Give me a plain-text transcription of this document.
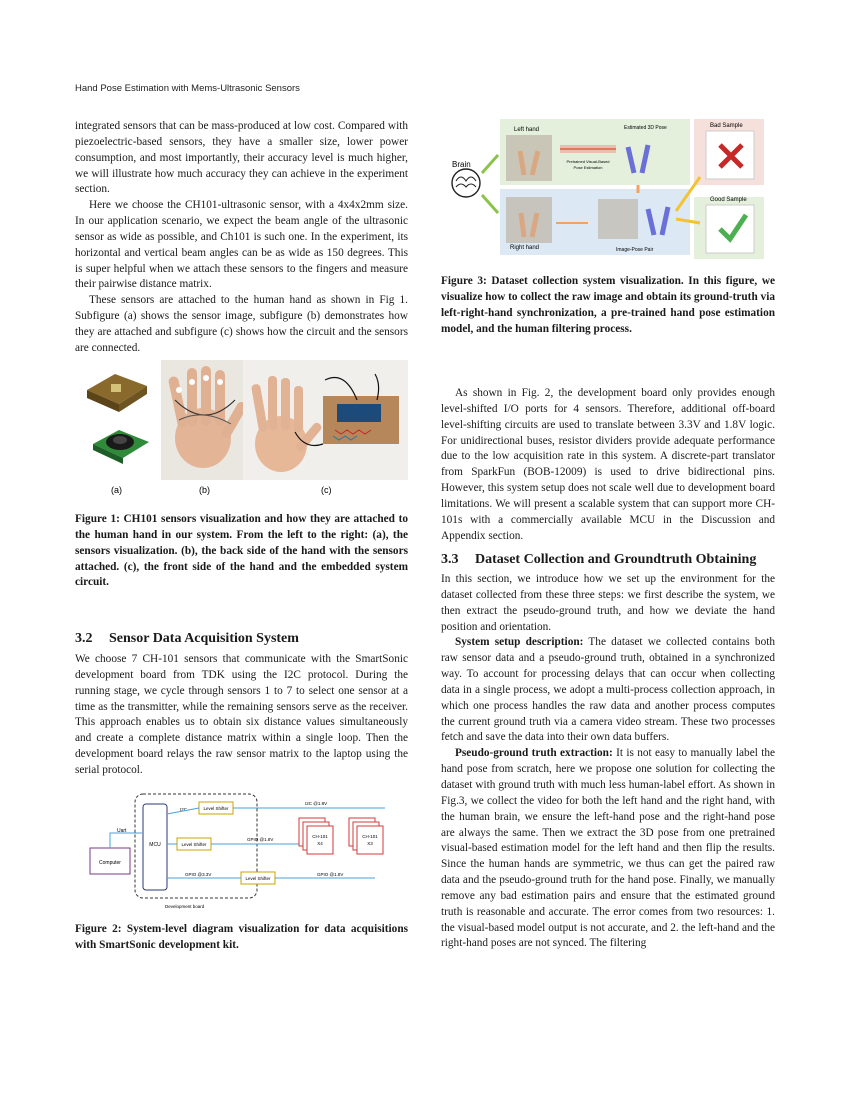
Hand Pose Estimation with Mems-Ultrasonic Sensors

integrated sensors that can be mass-produced at low cost. Compared with piezoelectric-based sensors, they have a smaller size, lower power consumption, and most importantly, their accuracy level is much higher, we will illustrate how much accuracy they can achieve in the experiment section.

Here we choose the CH101-ultrasonic sensor, with a 4x4x2mm size. In our application scenario, we expect the beam angle of the ultrasonic sensor as wide as possible, and Ch101 is such one. In the experiment, its horizontal and vertical beam angles can be as wide as 150 degrees. This is super helpful when we attach these sensors to the fingers and measure their pairwise distance matrix.

These sensors are attached to the human hand as shown in Fig 1. Subfigure (a) shows the sensor image, subfigure (b) demonstrates how they are attached and subfigure (c) shows how the circuit and the sensors are connected.

(a)	(b)	(c)
Figure 1: CH101 sensors visualization and how they are attached to the human hand in our system. From the left to the right: (a), the sensors visualization. (b), the back side of the hand with the sensors attached. (c), the front side of the hand and the embedded system circuit.

3.2 Sensor Data Acquisition System

We choose 7 CH-101 sensors that communicate with the SmartSonic development board from TDK using the I2C protocol. During the running stage, we cycle through sensors 1 to 7 to select one sensor at a time as the transmitter, while the remaining sensors serve as the receiver. This approach enables us to obtain six distance values simultaneously and create a complete distance matrix within a single loop. Then the development board relays the raw sensor matrix to the laptop using the serial protocol.

Computer
Uart
MCU
I2C	Level Shifter
Level Shifter
Level Shifter
I2C @1.8V
GPIO @1.8V
GPIO @3.3V	GPIO @1.8V
CH-101
X4
CH-101
X3
Development board
Figure 2: System-level diagram visualization for data acquisitions with SmartSonic development kit.
Brain
Left hand
Pretrained Visual-Based
Pose Estimation
Estimated 3D Pose
Right hand	Image-Pose Pair
Bad Sample
Good Sample
Figure 3: Dataset collection system visualization. In this figure, we visualize how to collect the raw image and obtain its ground-truth via left-right-hand synchronization, a pre-trained hand pose estimation model, and the human filtering process.

As shown in Fig. 2, the development board only provides enough level-shifted I/O ports for 4 sensors. Therefore, additional off-board level-shifting circuits are used to translate between 3.3V and 1.8V logic. For unidirectional buses, resistor dividers provide adequate performance due to the low acquisition rate in this system. A discrete-part translator from SparkFun (BOB-12009) is used to drive bidirectional pins. However, this system setup does not scale well due to development board limitations. We will present a scalable system that can support more CH-101s with a commercially available MCU in the Discussion and Appendix section.

3.3	Dataset Collection and Groundtruth Obtaining

In this section, we introduce how we set up the environment for the dataset collected from these three steps: we first describe the system, we then extract the pseudo-ground truth, and how we deviate the hand position and orientation.

System setup description: The dataset we collected contains both raw sensor data and a pseudo-ground truth, obtained in a synchronized way. To account for processing delays that can occur when collecting data in a single process, we adopt a multi-process collection approach, in which one process handles the raw data and another process computes the current ground truth via a camera video stream. These two processes fetch and save the data into their own data buffers.

Pseudo-ground truth extraction: It is not easy to manually label the hand pose from scratch, here we propose one solution for collecting the dataset with ground truth with much less human-label effort. As shown in Fig.3, we collect the video for both the left hand and the right hand, with the human brain, we ensure the left-hand pose and the right-hand pose are always the same. Then we extract the 3D pose from one pretrained visual-based estimation model for the left hand and then flip the results. Since the human hands are symmetric, we thus can get the paired raw data and the pseudo-ground truth for the hand pose. Finally, we manually remove any bad estimation pairs and ensure that the estimated ground truth is reasonable and accurate. The error comes from two resources: 1. the visual-based model output is not accurate, and 2. the left-hand and the right-hand poses are not synced. The filtering
